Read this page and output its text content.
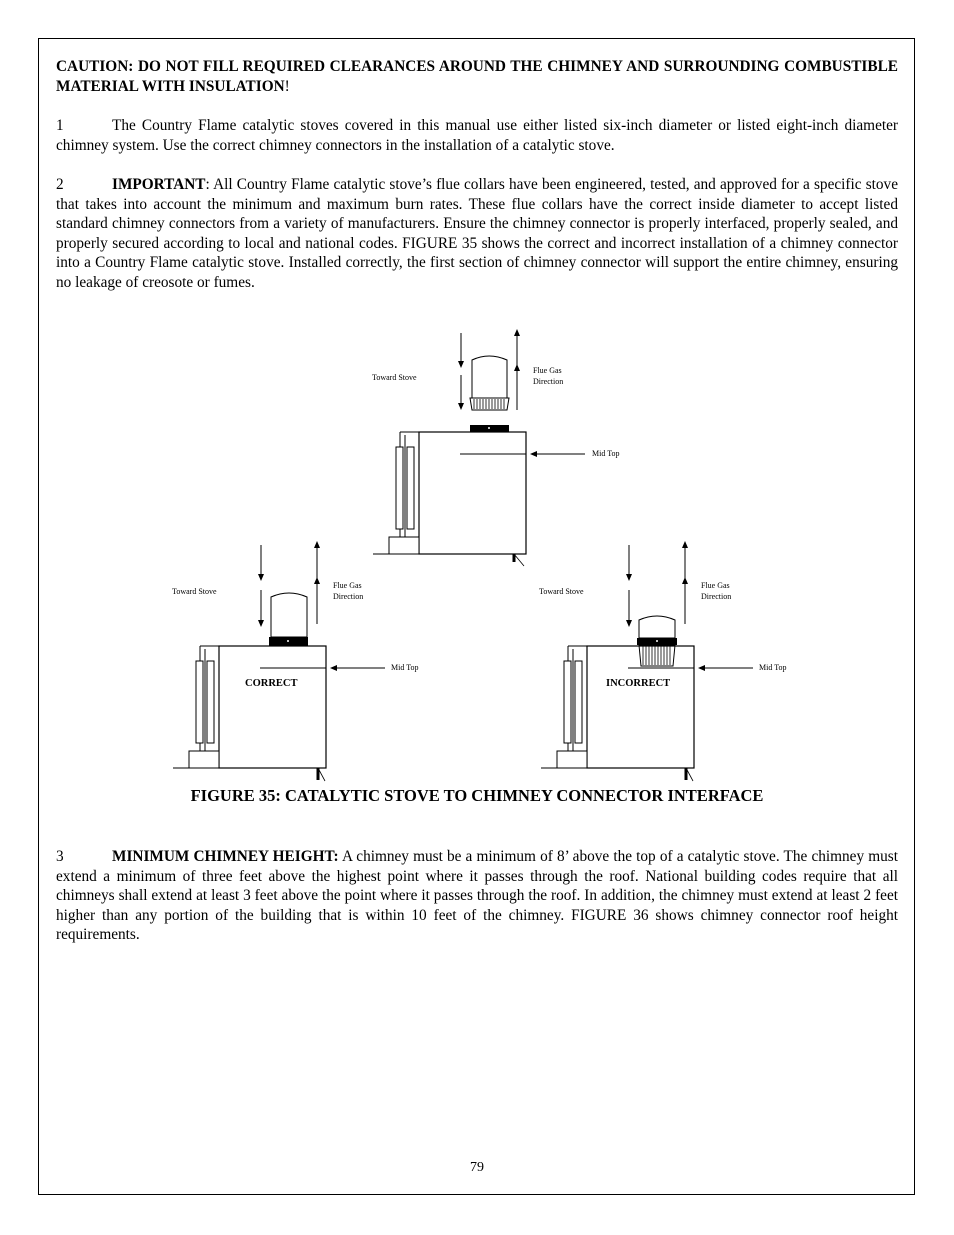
CAUTION: DO NOT FILL REQUIRED CLEARANCES AROUND THE CHIMNEY AND SURROUNDING COMBUSTIBLE MATERIAL WITH INSULATION!
1	The Country Flame catalytic stoves covered in this manual use either listed six-inch diameter or listed eight-inch diameter chimney system. Use the correct chimney connectors in the installation of a catalytic stove.
2	IMPORTANT: All Country Flame catalytic stove’s flue collars have been engineered, tested, and approved for a specific stove that takes into account the minimum and maximum burn rates. These flue collars have the correct inside diameter to accept listed standard chimney connectors from a variety of manufacturers. Ensure the chimney connector is properly interfaced, properly sealed, and properly secured according to local and national codes. FIGURE 35 shows the correct and incorrect installation of a chimney connector into a Country Flame catalytic stove. Installed correctly, the first section of chimney connector will support the entire chimney, ensuring no leakage of creosote or fumes.
Toward Stove
Flue Gas
Direction
Mid Top
Toward Stove
Flue Gas
Direction
Mid Top
CORRECT
Toward Stove
Flue Gas
Direction
Mid Top
INCORRECT
FIGURE 35: CATALYTIC STOVE TO CHIMNEY CONNECTOR INTERFACE
3	MINIMUM CHIMNEY HEIGHT: A chimney must be a minimum of 8’ above the top of a catalytic stove. The chimney must extend a minimum of three feet above the highest point where it passes through the roof. National building codes require that all chimneys shall extend at least 3 feet above the point where it passes through the roof. In addition, the chimney must extend at least 2 feet higher than any portion of the building that is within 10 feet of the chimney. FIGURE 36 shows chimney connector roof height requirements.
79
